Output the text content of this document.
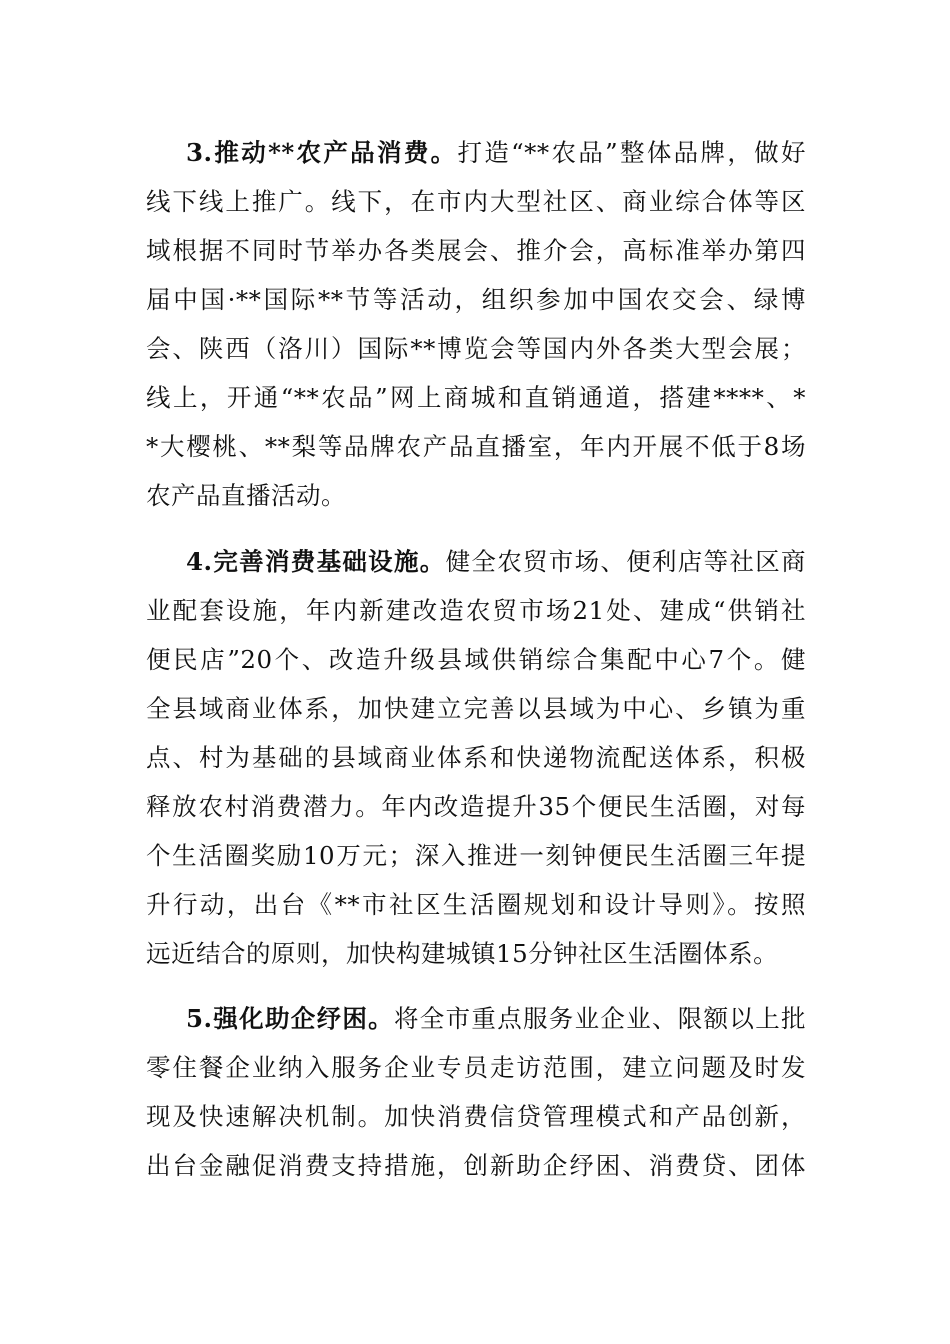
3.推动**农产品消费。打造“**农品”整体品牌，做好
线下线上推广。线下，在市内大型社区、商业综合体等区
域根据不同时节举办各类展会、推介会，高标准举办第四
届中国·**国际**节等活动，组织参加中国农交会、绿博
会、陕西（洛川）国际**博览会等国内外各类大型会展；
线上，开通“**农品”网上商城和直销通道，搭建****、*
*大樱桃、**梨等品牌农产品直播室，年内开展不低于8场
农产品直播活动。
4.完善消费基础设施。健全农贸市场、便利店等社区商
业配套设施，年内新建改造农贸市场21处、建成“供销社
便民店”20个、改造升级县域供销综合集配中心7个。健
全县域商业体系，加快建立完善以县域为中心、乡镇为重
点、村为基础的县域商业体系和快递物流配送体系，积极
释放农村消费潜力。年内改造提升35个便民生活圈，对每
个生活圈奖励10万元；深入推进一刻钟便民生活圈三年提
升行动，出台《**市社区生活圈规划和设计导则》。按照
远近结合的原则，加快构建城镇15分钟社区生活圈体系。
5.强化助企纾困。将全市重点服务业企业、限额以上批
零住餐企业纳入服务企业专员走访范围，建立问题及时发
现及快速解决机制。加快消费信贷管理模式和产品创新，
出台金融促消费支持措施，创新助企纾困、消费贷、团体
